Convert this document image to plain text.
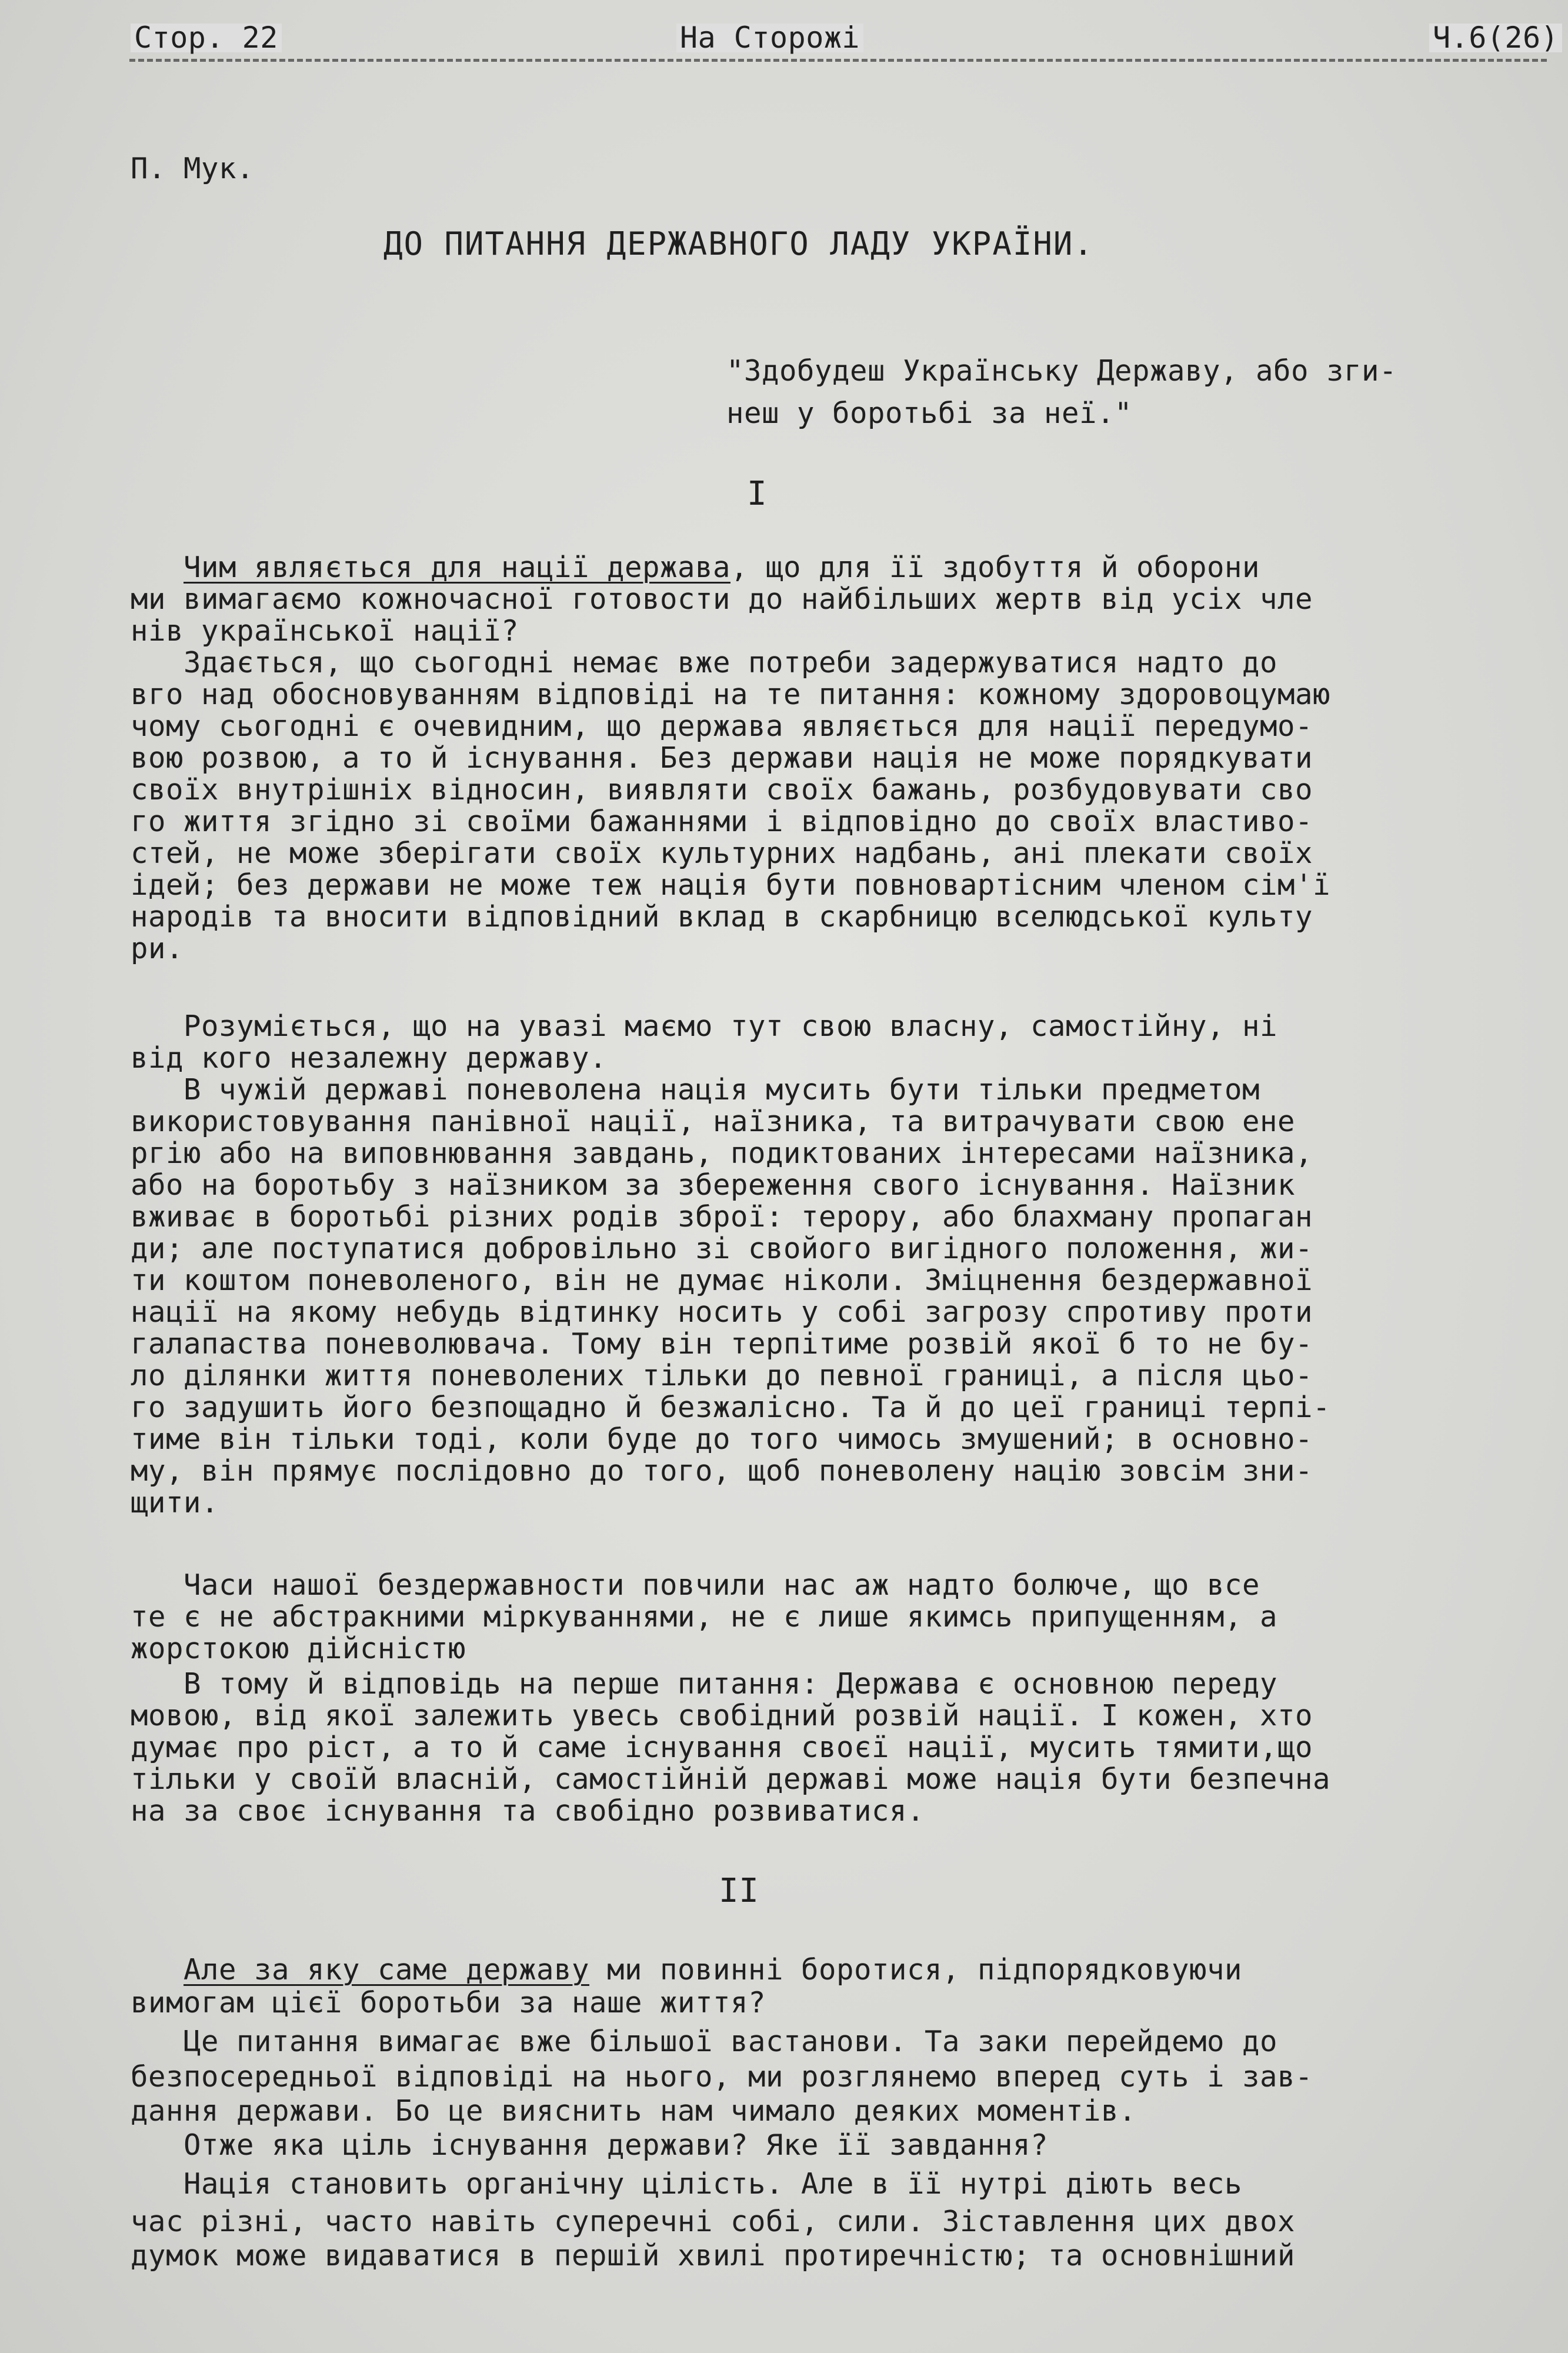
Стор. 22	На Сторожі	Ч.6(26)
П. Мук.
ДО ПИТАННЯ ДЕРЖАВНОГО ЛАДУ УКРАЇНИ.
"Здобудеш Українську Державу, або зги-
неш у боротьбі за неї."
I
Чим являється для нації держава, що для її здобуття й оборони
ми вимагаємо кожночасної готовости до найбільших жертв від усіх чле
нів української нації?
Здається, що сьогодні немає вже потреби задержуватися надто до
вго над обосновуванням відповіді на те питання: кожному здоровоцумаю
чому сьогодні є очевидним, що держава являється для нації передумо-
вою розвою, а то й існування. Без держави нація не може порядкувати
своїх внутрішніх відносин, виявляти своїх бажань, розбудовувати сво
го життя згідно зі своїми бажаннями і відповідно до своїх властиво-
стей, не може зберігати своїх культурних надбань, ані плекати своїх
ідей; без держави не може теж нація бути повновартісним членом сім'ї
народів та вносити відповідний вклад в скарбницю вселюдської культу
ри.
Розуміється, що на увазі маємо тут свою власну, самостійну, ні
від кого незалежну державу.
В чужій державі поневолена нація мусить бути тільки предметом
використовування панівної нації, наїзника, та витрачувати свою ене
ргію або на виповнювання завдань, подиктованих інтересами наїзника,
або на боротьбу з наїзником за збереження свого існування. Наїзник
вживає в боротьбі різних родів зброї: терору, або блахману пропаган
ди; але поступатися добровільно зі свойого вигідного положення, жи-
ти коштом поневоленого, він не думає ніколи. Зміцнення бездержавної
нації на якому небудь відтинку носить у собі загрозу спротиву проти
галапаства поневолювача. Тому він терпітиме розвій якої б то не бу-
ло ділянки життя поневолених тільки до певної границі, а після цьо-
го задушить його безпощадно й безжалісно. Та й до цеї границі терпі-
тиме він тільки тоді, коли буде до того чимось змушений; в основно-
му, він прямує послідовно до того, щоб поневолену націю зовсім зни-
щити.
Часи нашої бездержавности повчили нас аж надто болюче, що все
те є не абстракними міркуваннями, не є лише якимсь припущенням, а
жорстокою дійсністю
В тому й відповідь на перше питання: Держава є основною переду
мовою, від якої залежить увесь свобідний розвій нації. І кожен, хто
думає про ріст, а то й саме існування своєї нації, мусить тямити,що
тільки у своїй власній, самостійній державі може нація бути безпечна
на за своє існування та свобідно розвиватися.
II
Але за яку саме державу ми повинні боротися, підпорядковуючи
вимогам цієї боротьби за наше життя?
Це питання вимагає вже більшої вастанови. Та заки перейдемо до
безпосередньої відповіді на нього, ми розглянемо вперед суть і зав-
дання держави. Бо це вияснить нам чимало деяких моментів.
Отже яка ціль існування держави? Яке її завдання?
Нація становить органічну цілість. Але в її нутрі діють весь
час різні, часто навіть суперечні собі, сили. Зіставлення цих двох
думок може видаватися в першій хвилі протиречністю; та основнішний
